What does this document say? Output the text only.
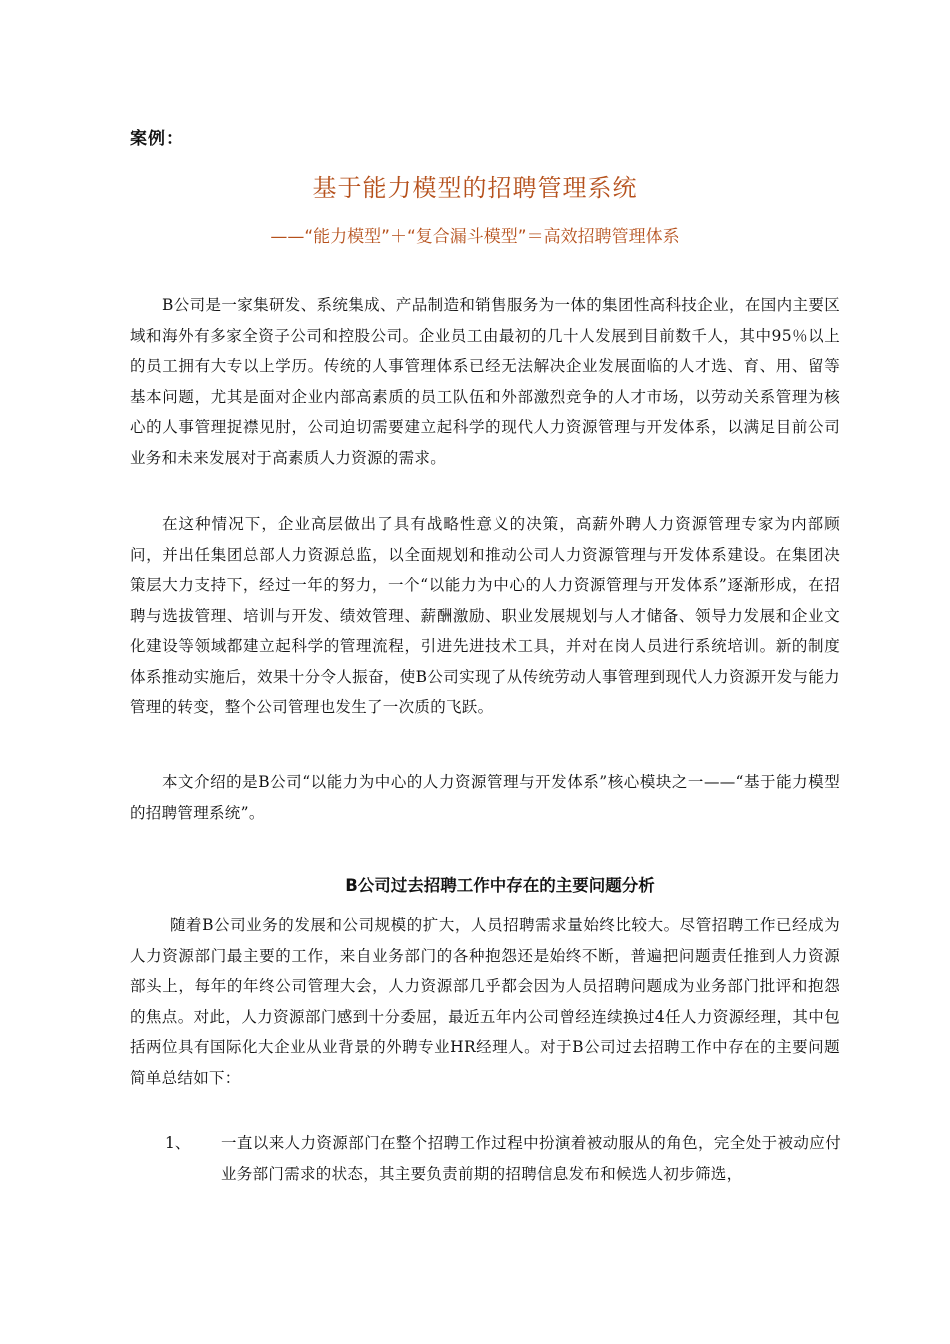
案例：
基于能力模型的招聘管理系统
——“能力模型”＋“复合漏斗模型”＝高效招聘管理体系
B公司是一家集研发、系统集成、产品制造和销售服务为一体的集团性高科技企业，在国内主要区域和海外有多家全资子公司和控股公司。企业员工由最初的几十人发展到目前数千人，其中95％以上的员工拥有大专以上学历。传统的人事管理体系已经无法解决企业发展面临的人才选、育、用、留等基本问题，尤其是面对企业内部高素质的员工队伍和外部激烈竞争的人才市场，以劳动关系管理为核心的人事管理捉襟见肘，公司迫切需要建立起科学的现代人力资源管理与开发体系，以满足目前公司业务和未来发展对于高素质人力资源的需求。
在这种情况下，企业高层做出了具有战略性意义的决策，高薪外聘人力资源管理专家为内部顾问，并出任集团总部人力资源总监，以全面规划和推动公司人力资源管理与开发体系建设。在集团决策层大力支持下，经过一年的努力，一个“以能力为中心的人力资源管理与开发体系”逐渐形成，在招聘与选拔管理、培训与开发、绩效管理、薪酬激励、职业发展规划与人才储备、领导力发展和企业文化建设等领域都建立起科学的管理流程，引进先进技术工具，并对在岗人员进行系统培训。新的制度体系推动实施后，效果十分令人振奋，使B公司实现了从传统劳动人事管理到现代人力资源开发与能力管理的转变，整个公司管理也发生了一次质的飞跃。
本文介绍的是B公司“以能力为中心的人力资源管理与开发体系”核心模块之一——“基于能力模型的招聘管理系统”。
B公司过去招聘工作中存在的主要问题分析
随着B公司业务的发展和公司规模的扩大，人员招聘需求量始终比较大。尽管招聘工作已经成为人力资源部门最主要的工作，来自业务部门的各种抱怨还是始终不断，普遍把问题责任推到人力资源部头上，每年的年终公司管理大会，人力资源部几乎都会因为人员招聘问题成为业务部门批评和抱怨的焦点。对此，人力资源部门感到十分委屈，最近五年内公司曾经连续换过4任人力资源经理，其中包括两位具有国际化大企业从业背景的外聘专业HR经理人。对于B公司过去招聘工作中存在的主要问题简单总结如下：
1、	一直以来人力资源部门在整个招聘工作过程中扮演着被动服从的角色，完全处于被动应付业务部门需求的状态，其主要负责前期的招聘信息发布和候选人初步筛选，
